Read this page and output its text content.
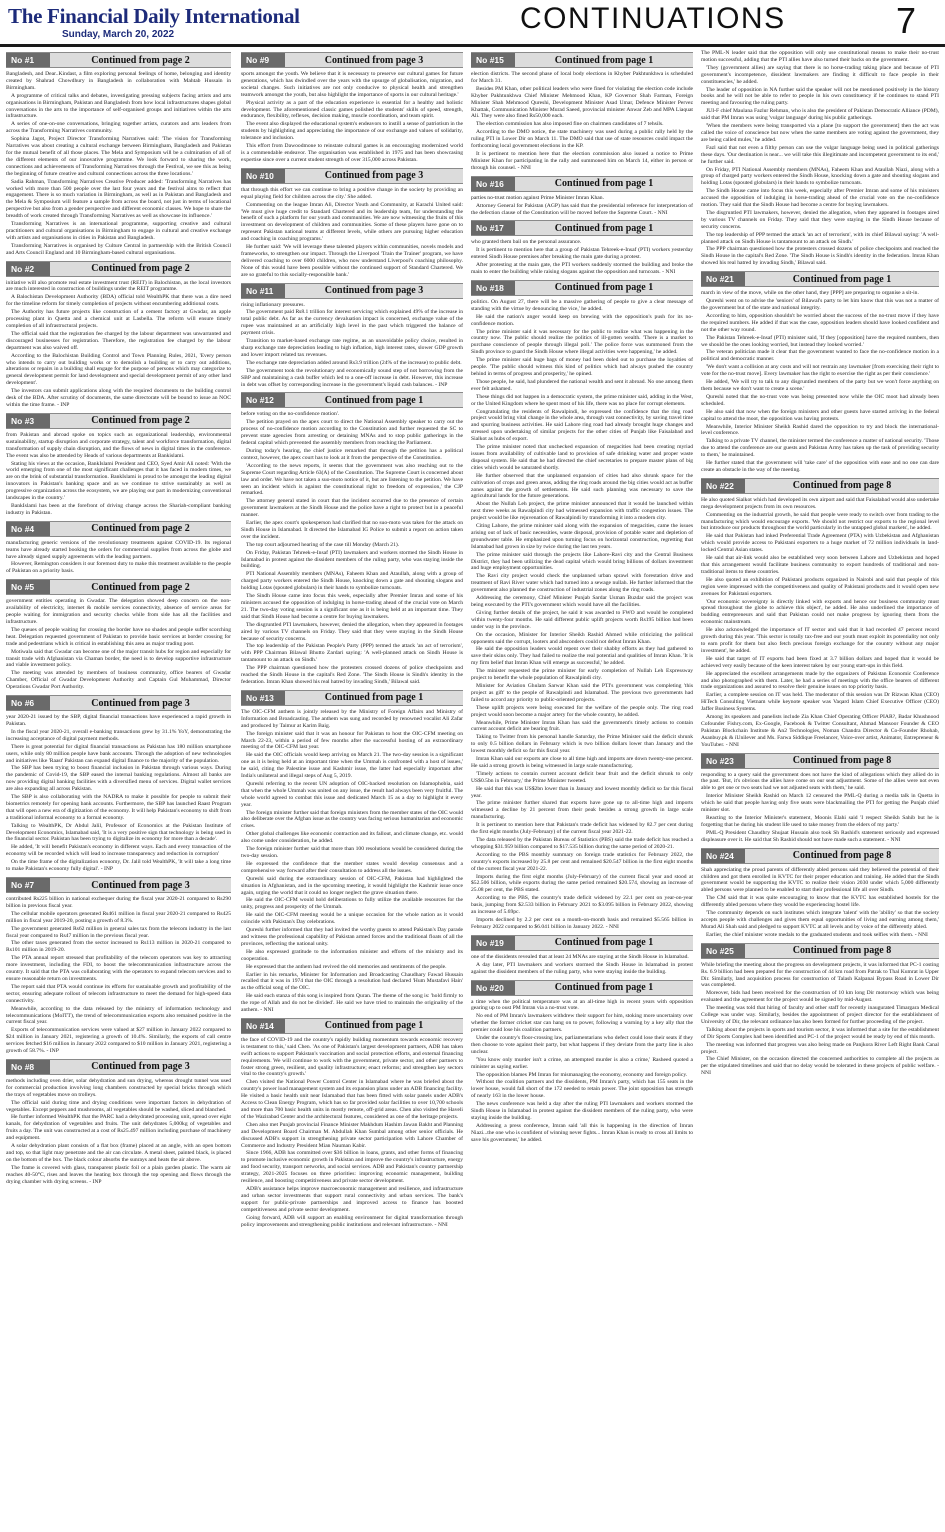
The Financial Daily International
Sunday, March 20, 2022	CONTINUATIONS	7
No #1	Continued from page 2

Bangladesh, and Dear..Kindast, a film exploring personal feelings of home, belonging and identity created by Shahrad Chowdhury in Bangladesh in collaboration with Mahtab Hussain in Birmingham.

A programme of critical talks and debates, investigating pressing subjects facing artists and arts organisations in Birmingham, Pakistan and Bangladesh from how local infrastructures shapes global conversations in the arts to the importance of self-organised groups and initiatives within the arts infrastructure.

A series of one-on-one conversations, bringing together artists, curators and arts leaders from across the Transforming Narratives community.

Sophina Jagot, Project Director Transforming Narratives said: 'The vision for Transforming Narratives was about creating a cultural exchange between Birmingham, Bangladesh and Pakistan for the mutual benefit of all those places. The Mela and Symposium will be a culmination of all of the different elements of our innovative programme. We look forward to sharing the work, connections and achievements of Transforming Narratives through the Festival, we see this as being the beginning of future creative and cultural connections across the three locations.'

Sadia Rahman, Transforming Narratives Creative Producer added: 'Transforming Narratives has worked with more than 500 people over the last four years and the festival aims to reflect that engagement. There is so much variation in Birmingham, as well as in Pakistan and Bangladesh and the Mela & Symposium will feature a sample from across the board, not just in terms of locational perspective but also from a gender perspective and different economic classes. We hope to share the breadth of work created through Transforming Narratives as well as showcase its influence.'

Transforming Narratives is an international programme, supporting creative and cultural practitioners and cultural organisations in Birmingham to engage in cultural and creative exchange with artists and organisations in cities in Pakistan and Bangladesh.

Transforming Narratives is organised by Culture Central in partnership with the British Council and Arts Council England and 10 Birmingham-based cultural organisations.

No #2	Continued from page 2

initiative will also promote real estate investment trust (REIT) in Balochistan, as the local investors are much interested in construction of buildings under the REIT programme.

A Balochistan Development Authority (BDA) official told WealthPK that there was a dire need for the timeline reform for timely completion of projects without encumbering additional costs.

The Authority has future projects like construction of a cement factory at Gwadar, an apple processing plant in Quetta and a chemical unit at Lasbella. The reform will ensure timely completion of all infrastructural projects.

The official said that the registration fee charged by the labour department was unwarranted and discouraged businesses for registration. Therefore, the registration fee charged by the labour department was also waived off.

According to the Balochistan Building Control and Town Planning Rules, 2021, 'Every person who intends to carry out building works or to demolish a building or to carry out additions, alterations or repairs in a building shall engage for the purpose of persons which may categorize to general development permit for land development and special development permit of any other land development'.

The investors can submit applications along with the required documents to the building control desk of the BDA. After scrutiny of documents, the same directorate will be bound to issue an NOC within the time frame. - INP

No #3	Continued from page 2

from Pakistan and abroad spoke on topics such as organizational leadership, environmental sustainability, startup disruption and corporate strategy, talent and workforce transformation, digital transformation of supply chain disruption, and the flows of news in digital times in the conference. The event was also be attended by Heads of various departments at Bankislami.

Stating his views at the occasion, BankIslami President and CEO, Syed Amir Ali noted: 'With the world emerging from one of the most significant challenges that it has faced in modern times, we are on the brink of substantial transformation. BankIslami is proud to be amongst the leading digital innovators in Pakistan's banking space and as we continue to strive sustainably as well as progressive organization across the ecosystem, we are playing our part in modernizing conventional landscapes in the country.'

BankIslami has been at the forefront of driving change across the Shariah-compliant banking industry in Pakistan.

No #4	Continued from page 2

manufacturing generic versions of the revolutionary treatments against COVID-19. Its regional teams have already started booking the orders for commercial supplies from across the globe and have already signed supply agreements with the leading partners.

However, Remington considers it our foremost duty to make this treatment available to the people of Pakistan on a priority basis.

No #5	Continued from page 2

government entities operating in Gwadar. The delegation showed deep concern on the non-availability of electricity, internet & mobile services connectivity, absence of service areas for people waiting for immigration and security checks while from side has all the facilities and infrastructure.

The queues of people waiting for crossing the border have no shades and people suffer scorching heat. Delegation requested government of Pakistan to provide basic services at border crossing for trade and pedestrians which is critical in establishing this area as major trading post.

Motiwala said that Gwadar can become one of the major transit hubs for region and especially for transit trade with Afghanistan via Chaman border, the need is to develop supportive infrastructure and viable investment policy.

The meeting was attended by members of business community, office bearers of Gwadar Chamber, Official of Gwadar Development Authority and Captain Gul Muhammad, Director Operations Gwadar Port Authority.

No #6	Continued from page 3

year 2020-21 issued by the SBP, digital financial transactions have experienced a rapid growth in Pakistan.

In the fiscal year 2020-21, overall e-banking transactions grew by 31.1% YoY, demonstrating the increasing acceptance of digital payment methods.

There is great potential for digital financial transactions as Pakistan has 180 million smartphone users, while only 80 million people have bank accounts. Through the adoption of new technologies and initiatives like 'Raast' Pakistan can expand digital finance to the majority of the population.

The SBP has been trying to boost financial inclusion in Pakistan through various ways. During the pandemic of Covid-19, the SBP eased the internal banking regulations. Almost all banks are now providing digital banking facilities with a diversified menu of services. Digital wallet services are also expanding all across Pakistan.

The SBP is also collaborating with the NADRA to make it possible for people to submit their biometrics remotely for opening bank accounts. Furthermore, the SBP has launched Raast Program that will open a new era of digitization of the economy. It will help Pakistan's economy to shift from a traditional informal economy to a formal economy.

Talking to WealthPK, Dr Abdul Jalil, Professor of Economics at the Pakistan Institute of Development Economics, Islamabad said, 'It is a very positive sign that technology is being used in the financial sector. Pakistan has been trying to digitalize its economy for more than a decade'.

He added, 'It will benefit Pakistan's economy in different ways. Each and every transaction of the economy will be recorded which will lead to increase transparency and reduction in corruption'

On the time frame of the digitalization economy, Dr. Jalil told WealthPK, 'It will take a long time to make Pakistan's economy fully digital'. - INP

No #7	Continued from page 3

contributed Rs225 billion in national exchequer during the fiscal year 2020-21 compared to Rs290 billion in previous fiscal year.

The cellular mobile operators generated Rs461 million in fiscal year 2020-21 compared to Rs425 million in fiscal year 2019-20, posting a growth of 8.3%.

The government generated Rs62 million in general sales tax from the telecom industry in the last fiscal year compared to Rs47 million in the previous fiscal year.

The other taxes generated from the sector increased to Rs113 million in 2020-21 compared to Rs101 million in 2019-20.

The PTA annual report stressed that profitability of the telecom operators was key to attracting more investment, including the FDI, to boost the telecommunication infrastructure across the country. It said that the PTA was collaborating with the operators to expand telecom services and to ensure reasonable return on investments.

The report said that PTA would continue its efforts for sustainable growth and profitability of the sector, ensuring adequate rollout of telecom infrastructure to meet the demand for high-speed data connectivity.

Meanwhile, according to the data released by the ministry of information technology and telecommunications (MoITT), the trend of telecommunication exports also remained positive in the current fiscal year.

Exports of telecommunication services were valued at $27 million in January 2022 compared to $24 million in January 2021, registering a growth of 10.4%. Similarly, the exports of call centre services fetched $16 million in January 2022 compared to $10 million in January 2021, registering a growth of 58.7%. - INP

No #8	Continued from page 3

methods including oven drier, solar dehydration and sun drying, whereas drought tunnel was used for commercial production involving long chambers constructed by special bricks through which the trays of vegetables move on trolleys.

The official said during time and drying conditions were important factors in dehydration of vegetables. Except peppers and mushrooms, all vegetables should be washed, sliced and blanched.

He further informed WealthPK that the PARC had a dehydrated processing unit, spread over eight kanals, for dehydration of vegetables and fruits. The unit dehydrates 5,000kg of vegetables and fruits a day. The unit was constructed at a cost of Rs25.497 million including purchase of machinery and equipment.

A solar dehydration plant consists of a flat box (frame) placed at an angle, with an open bottom and top, so that light may penetrate and the air can circulate. A metal sheet, painted black, is placed on the bottom of the box. The black colour absorbs the sunrays and heats the air above.

The frame is covered with glass, transparent plastic foil or a plain garden plastic. The warm air reaches 40-50°C, rises and leaves the heating box through the top opening and flows through the drying chamber with drying screens. - INP

No #9	Continued from page 3

sports amongst the youth. We believe that it is necessary to preserve our cultural games for future generations, which has dwindled over the years with the upsurge of globalisation, migration, and societal changes. Such initiatives are not only conducive to physical health and strengthen teamwork amongst the youth, but also highlight the importance of sports in our cultural heritage.'

Physical activity as a part of the education experience is essential for a healthy and holistic development. The aforementioned classic games polished the students' skills of speed, strength, endurance, flexibility, reflexes, decision making, muscle coordination, and team spirit.

The event also displayed the educational system's endeavors to instill a sense of patriotism in the students by highlighting and appreciating the importance of our exchange and values of solidarity, tolerance and inclusion.

This effort from Dawoodmone to reinstate cultural games is an encouraging modernized world is a commendable endeavor. The organisation was established in 1975 and has been showcasing expertise since over a current student strength of over 315,000 across Pakistan.

No #10	Continued from page 3

that through this effort we can continue to bring a positive change in the society by providing an equal playing field for children across the city.' She added.

Commenting on the league Imran Ali, Director Youth and Community, at Karachi United said: 'We must give huge credit to Standard Chartered and its leadership team, for understanding the benefit of such a platform for our youth and communities. We are now witnessing the fruits of this investment on development of children and communities. Some of these players have gone on to represent Pakistan national teams at different levels, while others are pursuing higher education and coaching in coaching programs.'

He further said: 'We will leverage these talented players within communities, novels models and frameworks, to strengthen our impact. Through the Liverpool 'Train the Trainer' program, we have delivered coaching to over 6000 children, who now understand Liverpool's coaching philosophy. None of this would have been possible without the continued support of Standard Chartered. We are so grateful to this socially-responsible bank.'

No #11	Continued from page 3

rising inflationary pressures.

The government paid Rs8.1 trillion for interest servicing which explained 49% of the increase in total public debt. As far as the currency devaluation impact is concerned, exchange value of the rupee was maintained at an artificially high level in the past which triggered the balance of payment crisis.

Transition to market-based exchange rate regime, as an unavoidable policy choice, resulted in sharp exchange rate depreciation leading to high inflation, high interest rates, slower GDP growth and lower import related tax revenues.

The exchange rate depreciation added around Rs3.9 trillion (24% of the increase) to public debt.

The government took the revolutionary and economically sound step of not borrowing from the SBP and maintaining a cash buffer which led to a one-off increase in debt. However, this increase in debt was offset by corresponding increase in the government's liquid cash balances. - INP

No #12	Continued from page 1

before voting on the no-confidence motion'.

The petition prayed on the apex court to direct the National Assembly speaker to carry out the process of no-confidence motion according to the Constitution and further requested the SC to prevent state agencies from arresting or detaining MNAs and to stop public gatherings in the federal capital which prevented the assembly members from reaching the Parliament.

During today's hearing, the chief justice remarked that through the petition has a political context, however, the apex court has to look at it from the perspective of the Constitution.

'According to the news reports, it seems that the government was also reaching out to the Supreme Court regarding Article 63(A) of the Constitution. The Supreme Court is concerned about law and order. We have not taken a suo-moto notice of it, but are listening to the petition. We have seen an incident which is against the constitutional right to freedom of expression,' the CJP remarked.

The attorney general stated in court that the incident occurred due to the presence of certain government lawmakers at the Sindh House and the police have a right to protect but in a peaceful manner.

Earlier, the apex court's spokesperson had clarified that no suo-moto was taken for the attack on Sindh House in Islamabad. It directed the Islamabad IG Police to submit a report on action taken over the incident.

The top court adjourned hearing of the case till Monday (March 21).

On Friday, Pakistan Tehreek-e-Insaf (PTI) lawmakers and workers stormed the Sindh House in Islamabad in protest against the dissident members of the ruling party, who was staying inside the building.

PTI National Assembly members (MNAs), Faheem Khan and Ataullah, along with a group of charged party workers entered the Sindh House, knocking down a gate and shouting slogans and holding Lotas (spouted globulars) in their hands to symbolize turncoats.

The Sindh House came into focus this week, especially after Premier Imran and some of his ministers accused the opposition of indulging in horse-trading ahead of the crucial vote on March 21. The two-day voting session is a significant one as it is being held at an important time. They said that Sindh House had become a centre for buying lawmakers.

The disgruntled PTI lawmakers, however, denied the allegation, when they appeared in footages aired by various TV channels on Friday. They said that they were staying in the Sindh House because of security concerns.

The top leadership of the Pakistan People's Party (PPP) termed the attack 'an act of terrorism', with PPP Chairman Bilawal Bhutto Zardari saying: 'A well-planned attack on Sindh House is tantamount to an attack on Sindh.'

The PPP chairman questioned how the protesters crossed dozens of police checkpoints and reached the Sindh House in the capital's Red Zone. 'The Sindh House is Sindh's identity in the federation. Imran Khan showed his real hatred by invading Sindh,' Bilawal said.

No #13	Continued from page 1

The OIC-CFM anthem is jointly released by the Ministry of Foreign Affairs and Ministry of Information and Broadcasting. The anthem was sung and recorded by renowned vocalist Ali Zafar and produced by Taimur at Karim Baig.

The foreign minister said that it was an honour for Pakistan to host the OIC-CFM meeting on March 22-23, within a period of few months after the successful hosting of an extraordinary meeting of the OIC-CFM last year.

He said the OIC officials would keep arriving on March 21. The two-day session is a significant one as it is being held at an important time when the Ummah is confronted with a host of issues,' he said, citing the Palestine issue and Kashmir issue, the latter had especially important after India's unilateral and illegal steps of Aug 5, 2019.

Qureshi referring to the recent UN adoption of OIC-backed resolution on Islamophobia, said that when the whole Ummah was united on any issue, the result had always been very fruitful. The whole world agreed to combat this issue and dedicated March 15 as a day to highlight it every year.

The foreign minister further said that foreign ministers from the member states of the OIC would also deliberate over the Afghan issue as the country was facing serious humanitarian and economic crises.

Other global challenges like economic contraction and its fallout, and climate change, etc. would also come under consideration, he added.

The foreign minister further said that more than 100 resolutions would be considered during the two-day session.

He expressed the confidence that the member states would develop consensus and a comprehensive way forward after their consultation to address all the issues.

Qureshi said during the extraordinary session of OIC-CFM, Pakistan had highlighted the situation in Afghanistan, and in the upcoming meeting, it would highlight the Kashmir issue once again, urging the world that it could no longer neglect the grave situation there.

He said the OIC-CFM would hold deliberations to fully utilize the available resources for the unity, progress and prosperity of the Ummah.

He said the OIC-CFM meeting would be a unique occasion for the whole nation as it would coincide with Pakistan's Day celebrations.

Qureshi further informed that they had invited the worthy guests to attend Pakistan's Day parade and witness the professional capability of Pakistan armed forces and the traditional floats of all the provinces, reflecting the national unity.

He also expressed gratitude to the information minister and efforts of the ministry and its cooperation.

He expressed that the anthem had revived the old memories and sentiments of the people.

Earlier in his remarks, Minister for Information and Broadcasting Chaudhary Fawad Hussain recalled that it was in 1974 that the OIC through a resolution had declared 'Hum Mustafavi Hain' as the official song of the OIC.

He said each stanza of this song is inspired from Quran. The theme of the song is: 'hold firmly to the rope of Allah and do not be divided'. He said we have tried to maintain the originality of the anthem. - NNI

No #14	Continued from page 1

the face of COVID-19 and the country's rapidly building momentum towards economic recovery is testament to this,' said Chen. 'As one of Pakistan's largest development partners, ADB has taken swift actions to support Pakistan's vaccination and social protection efforts, and external financing requirements. We will continue to work with the government, private sector, and other partners to foster strong green, resilient, and quality infrastructure; enact reforms; and strengthen key sectors vital to the country's growth.'

Chen visited the National Power Control Center in Islamabad where he was briefed about the country's power load management system and its expansion plans under an ADB financing facility. He visited a basic health unit near Islamabad that has been fitted with solar panels under ADB's Access to Clean Energy Program, which has so far provided solar facilities to over 10,700 schools and more than 700 basic health units in mostly remote, off-grid areas. Chen also visited the Haveli of the Wazirabad Center and the architectural features, considered as one of the heritage projects.

Chen also met Punjab provincial Finance Minister Makhdum Hashim Jawan Bakht and Planning and Development Board Chairman M. Abdullah Khan Sumbal among other senior officials. He discussed ADB's support in strengthening private sector participation with Lahore Chamber of Commerce and Industry President Mian Nauman Kabir.

Since 1966, ADB has committed over $36 billion in loans, grants, and other forms of financing to promote inclusive economic growth in Pakistan and improve the country's infrastructure, energy and food security, transport networks, and social services. ADB and Pakistan's country partnership strategy, 2021-2025 focuses on three priorities: improving economic management, building resilience, and boosting competitiveness and private sector development.

ADB's assistance helps improve macroeconomic management and resilience, and infrastructure and urban sector investments that support rural connectivity and urban services. The bank's support for public-private partnerships and improved access to finance has boosted competitiveness and private sector development.

Going forward, ADB will support an enabling environment for digital transformation through policy improvements and strengthening public institutions and relevant infrastructure. - NNI

No #15	Continued from page 1

election districts. The second phase of local body elections in Khyber Pakhtunkhwa is scheduled for March 31.

Besides PM Khan, other political leaders who were fined for violating the election code include Khyber Pakhtunkhwa Chief Minister Mehmood Khan, KP Governor Shah Farman, Foreign Minister Shah Mehmood Qureshi, Development Minister Asad Umar, Defence Minister Pervez Khattak, Communication Minister Murad Saeed, provincial minister Anwar Zeb and MPA Liaquat Ali. They were also fined Rs50,000 each.

The election commission has also imposed fine on chairmen candidates of 7 tehsils.

According to the DMO notice, the state machinery was used during a public rally held by the ruling PTI in Lower Dir on March 11. The DMO said that use of state resources could impact the forthcoming local government elections in the KP.

It is pertinent to mention here that the election commission also issued a notice to Prime Minister Khan for participating in the rally and summoned him on March 14, either in person or through his counsel. - NNI

No #16	Continued from page 1

parties no-trust motion against Prime Minister Imran Khan.

Attorney General for Pakistan (AGP) has said that the presidential reference for interpretation of the defection clause of the Constitution will be moved before the Supreme Court. - NNI

No #17	Continued from page 1

who granted them bail on the personal assurance.

It is pertinent to mention here that a group of Pakistan Tehreek-e-Insaf (PTI) workers yesterday entered Sindh House premises after breaking the main gate during a protest.

After protesting at the main gate, the PTI workers suddenly stormed the building and broke the main to enter the building while raising slogans against the opposition and turncoats. - NNI

No #18	Continued from page 1

politics. On August 27, there will be a massive gathering of people to give a clear message of standing with the virtue by denouncing the vice,' he added.

He said the nation's anger would keep on brewing with the opposition's push for its no-confidence motion.

The prime minister said it was necessary for the public to realize what was happening in the country now. The public should realize the politics of ill-gotten wealth. 'There is a market to purchase conscience of people through illegal poll.' The police force was summoned from the Sindh province to guard the Sindh House where illegal activities were happening,' he added.

The prime minister said huge bags of money had been doled out to purchase the loyalties of people. 'The public should witness this kind of politics which had always pushed the country behind in terms of progress and prosperity,' he opined.

Those people, he said, had plundered the national wealth and sent it abroad. No one among them ever felt ashamed.

These things did not happen in a democratic system, the prime minister said, adding in the West, or the United Kingdom where he spent most of his life, there was no place for corrupt elements.

Congratulating the residents of Rawalpindi, he expressed the confidence that the ring road project would bring vital change in the whole area, through vast connectivity, by saving travel time and spurring business activities. He said Lahore ring road had already brought huge changes and stressed upon undertaking of similar projects for the other cities of Punjab like Faisalabad and Sialkot as hubs of export.

The prime minister noted that unchecked expansion of megacities had been creating myriad issues from availability of cultivable land to provision of safe drinking water and proper waste disposal system. He said that he had directed the chief secretaries to prepare master plans of big cities which would be saturated shortly.

He further observed that the unplanned expansion of cities had also shrunk space for the cultivation of crops and green areas, adding the ring roads around the big cities would act as buffer zones against the growth of settlements. He said such planning was necessary to save the agricultural lands for the future generations.

About the Nullah Leh project, the prime minister announced that it would be launched within next three weeks as Rawalpindi city had witnessed expansion with traffic congestion issues. The project would be like rejuvenation of Rawalpindi by transforming it into a modern city.

Citing Lahore, the prime minister said along with the expansion of megacities, came the issues arising out of lack of basic necessities, waste disposal, provision of potable water and depletion of groundwater table. He emphasized upon turning focus on horizontal construction, regretting that Islamabad had grown in size by twice during the last ten years.

The prime minister said through the projects like Lahore-Ravi city and the Central Business District, they had been utilizing the dead capital which would bring billions of dollars investment and huge employment opportunities.

The Ravi city project would check the unplanned urban sprawl with forestation drive and treatment of Ravi River water which had turned into a sewage nullah. He further informed that the government also planned the construction of industrial zones along the ring roads.

Addressing the ceremony, Chief Minister Punjab Sardar Usman Buzdar said the project was being executed by the PTI's government which would have all the facilities.

Giving further details of the project, he said it was awarded to FWO and would be completed within twenty-four months. He said different public uplift projects worth Rs195 billion had been under way in the province.

On the occasion, Minister for Interior Sheikh Rashid Ahmed while criticizing the political opponents said the corrupt, looters and absconders could not defeat Imran Khan.

He said the opposition leaders would repent over their shabby efforts as they had gathered to save their skins only. They had failed to realize the real potential and qualities of Imran Khan. 'It is my firm belief that Imran Khan will emerge as successful,' he added.

The minister requested the prime minister for early completion of Nullah Leh Expressway project to benefit the whole population of Rawalpindi city.

Minister for Aviation Ghulam Sarwar Khan said the PTI's government was completing 'this project as gift' to the people of Rawalpindi and Islamabad. The previous two governments had failed to accord any priority to public-oriented projects.

These uplift projects were being executed for the welfare of the people only. The ring road project would soon become a major artery for the whole country, he added.

Meanwhile, Prime Minister Imran Khan has said the government's timely actions to contain current account deficit are bearing fruit.

Taking to Twitter from his personal handle Saturday, the Prime Minister said the deficit shrunk to only 0.5 billion dollars in February which is two billion dollars lower than January and the lowest monthly deficit so far this fiscal year.

Imran Khan said our exports are close to all time high and imports are down twenty-one percent. He said a strong growth is being witnessed in large scale manufacturing.

'Timely actions to contain current account deficit bear fruit and the deficit shrunk to only US$0.5bn in February,' the Prime Minister tweeted.

He said that this was US$2bn lower than in January and lowest monthly deficit so far this fiscal year.

The prime minister further shared that exports have gone up to all-time high and imports witnessed a decline by 21 percent from their peak besides a strong growth in large scale manufacturing.

It is pertinent to mention here that Pakistan's trade deficit has widened by 82.7 per cent during the first eight months (July-February) of the current fiscal year 2021-22.

The data released by the Pakistan Bureau of Statistics (PBS) said the trade deficit has reached a whopping $31.959 billion compared to $17.535 billion during the same period of 2020-21.

According to the PBS monthly summary on foreign trade statistics for February 2022, the country's exports increased by 25.8 per cent and remained $20.547 billion in the first eight months of the current fiscal year 2021-22.

Imports during the first eight months (July-February) of the current fiscal year and stood at $52.506 billion, while exports during the same period remained $20.574, showing an increase of 25.08 per cent, the PBS stated.

According to the PBS, the country's trade deficit widened by 22.1 per cent on year-on-year basis, jumping from $2.533 billion in February 2021 to $3.095 billion in February 2022, showing an increase of 5.69pc.

Imports declined by 2.2 per cent on a month-on-month basis and remained $5.565 billion in February 2022 compared to $6.041 billion in January 2022. - NNI

No #19	Continued from page 1

one of the dissidents revealed that at least 24 MNAs are staying at the Sindh House in Islamabad.

A day later, PTI lawmakers and workers stormed the Sindh House in Islamabad in protest against the dissident members of the ruling party, who were staying inside the building.

No #20	Continued from page 1

a time when the political temperature was at an all-time high in recent years with opposition gearing up to oust PM Imran via a no-trust vote.

No end of PM Imran's lawmakers withdrew their support for him, stoking more uncertainty over whether the former cricket star can hang on to power, following a warning by a key ally that the premier could lose his coalition partners.

Under the country's floor-crossing law, parliamentarians who defect could lose their seats if they then choose to vote against their party, but what happens if they deviate from the party line is also unclear.

'You know only murder isn't a crime, an attempted murder is also a crime,' Rasheed quoted a minister as saying earlier.

The opposition blames PM Imran for mismanaging the economy, economy and foreign policy.

Without the coalition partners and the dissidents, PM Imran's party, which has 155 seats in the lower house, would fall short of the 172 needed to retain power. The joint opposition has strength of nearly 163 in the lower house.

The news conference was held a day after the ruling PTI lawmakers and workers stormed the Sindh House in Islamabad in protest against the dissident members of the ruling party, who were staying inside the building.

Addressing a press conference, Imran said 'all this is happening in the direction of Imran Niazi...the one who is confident of winning never fights... Imran Khan is ready to cross all limits to save his government,' he added.

The PML-N leader said that the opposition will only use constitutional means to make their no-trust motion successful, adding that the PTI allies have also turned their backs on the government.

'They (government allies) are saying that there is no horse-trading taking place and because of PTI government's incompetence, dissident lawmakers are finding it difficult to face people in their constituencies,' he added.

The leader of opposition in NA further said the speaker will not be mentioned positively in the history books and he will not be able to refer to people in his own constituency if he continues to stand PTI meeting and favouring the ruling party.

JUI-F chief Maulana Fazlur Rehman, who is also the president of Pakistan Democratic Alliance (PDM), said that PM Imran was using 'vulgar language' during his public gatherings.

'When the members were being transported via a plane [to support the government] then the act was called the voice of conscience but now when the same members are voting against the government, they are being called mules,' he added.

Fazl said that not even a filthy person can use the vulgar language being used in political gatherings these days. 'Our destination is near... we will take this illegitimate and incompetent government to its end,' he further said.

On Friday, PTI National Assembly members (MNAs), Faheem Khan and Ataullah Niazi, along with a group of charged party workers entered the Sindh House, knocking down a gate and shouting slogans and holding Lotas (spouted globulars) in their hands to symbolize turncoats.

The Sindh House came into focus this week, especially after Premier Imran and some of his ministers accused the opposition of indulging in horse-trading ahead of the crucial vote on the no-confidence motion. They said that the Sindh House had become a centre for buying lawmakers.

The disgruntled PTI lawmakers, however, denied the allegation, when they appeared in footages aired by various TV channels on Friday. They said that they were staying in the Sindh House because of security concerns.

The top leadership of PPP termed the attack 'an act of terrorism', with its chief Bilawal saying: 'A well-planned attack on Sindh House is tantamount to an attack on Sindh.'

The PPP chairman questioned how the protesters crossed dozens of police checkpoints and reached the Sindh House in the capital's Red Zone. 'The Sindh House is Sindh's identity in the federation. Imran Khan showed his real hatred by invading Sindh,' Bilawal said.

No #21	Continued from page 1

march in view of the move, while on the other hand, they [PPP] are preparing to organise a sit-in.

Qureshi went on to advise the 'seniors' of Bilawal's party to let him know that this was not a matter of the government but of the state and national integrity.

According to him, opposition shouldn't be worried about the success of the no-trust move if they have the required numbers. He added if that was the case, opposition leaders should have looked confident and not the other way round.

The Pakistan Tehreek-e-Insaf (PTI) minister said, 'If they [opposition] have the required numbers, then we should be the ones looking worried, but instead they looked worried.'

The veteran politician made it clear that the government wanted to face the no-confidence motion in a political and democratic manner.

'We don't want a collision at any costs and will not restrain any lawmaker [from exercising their right to vote for the no-trust move]. Every lawmaker has the right to exercise the right as per their conscience.'

He added, 'We will try to talk to any disgruntled members of the party but we won't force anything on them because we don't want to create a scene.'

Qureshi noted that the no-trust vote was being presented now while the OIC moot had already been scheduled.

He also said that now when the foreign ministers and other guests have started arriving in the federal capital to attend the moot, the opposition was having protests.

Meanwhile, Interior Minister Sheikh Rashid dared the opposition to try and block the international-level conference.

Talking to a private TV channel, the minister termed the conference a matter of national security. 'Those due to attend the conference are our guests and Pakistan Army has taken up the task of providing security to them,' he maintained.

He further stated that the government will 'take care' of the opposition with ease and no one can dare create an obstacle in the way of the meeting.

No #22	Continued from page 8

He also quoted Sialkot which had developed its own airport and said that Faisalabad would also undertake mega development projects from its own resources.

Commenting on the industrial growth, he said that people were ready to switch over from trading to the manufacturing which would encourage exports. 'We should not restrict our exports to the regional level but introduce our products throughout the world particularly in the untapped global markets', he added.

He said that Pakistan had inked Preferential Trade Agreement (PTA) with Uzbekistan and Afghanistan which would provide access to Pakistani exporters to a huge market of 72 million individuals in land-locked Central Asian states.

He said that air-link would also be established very soon between Lahore and Uzbekistan and hoped that this arrangement would facilitate business community to export hundreds of traditional and non-traditional items to these countries.

He also quoted an exhibition of Pakistani products organized in Nairobi and said that people of this region were impressed with the competitiveness and quality of Pakistani products and it would open new avenues for Pakistani exporters.

'Our economic sovereignty is directly linked with exports and hence our business community must spread throughout the globe to achieve this object', he added. He also underlined the importance of budding entrepreneurs and said that Pakistan could not make progress by ignoring them from the economic mainstream.

He also acknowledged the importance of IT sector and said that it had recorded 47 percent record growth during this year. 'This sector is totally tax-free and our youth must exploit its potentiality not only to earn profit for them but also fetch precious foreign exchange for the country without any major investment', he added.

He said that target of IT exports had been fixed at 3.7 billion dollars and hoped that it would be achieved very easily because of the keen interest taken by our young start-ups in this field.

He appreciated the excellent arrangements made by the organizers of Pakistan Economic Conference and also photographed with them. Later, he had a series of meetings with the office bearers of different trade organizations and assured to resolve their genuine issues on top priority basis.

Earlier, a complete session on IT was held. The moderator of this session was Dr Rizwan Khan (CEO) HiTech Consulting Vietnam while keynote speaker was Vaqard Islam Chief Executive Officer (CEO) Jaffer Business Systems.

Among its speakers and panelists include Zia Khan Chief Operating Officer PIAR?, Badar Khushnood Cofounder Fishry.com, Ex-Google, Facebook & Twitter Consultant, Ahmad Mansoor Founder & CEO Pakistan Blockchain Institute & An2 Technologies, Noman Chandra Director & Co-Founder Rhohab, Asanbuy.pk & iUnilever and Ms. Farwa Siddique Freelancer, Voice-over artist, Animator, Entrepreneur & YouTuber. - NNI

No #23	Continued from page 8

responding to a query said the government does not have the kind of allegations which they allied do in the past. 'But, it's obvious the allies have come on our seat adjustment. Some of the allies were not even able to get one or two seats had we not adjusted seats with them,' he said.

Interior Minister Sheikh Rashid on March 12 censured the PML-Q during a media talk in Quetta in which he said that people having only five seats were blackmailing the PTI for getting the Punjab chief minister slot.

Reacting to the Interior Minister's statement, Moonis Elahi said 'I respect Sheikh Sahib but he is forgetting that he during his student life used to take money from the elders of my party.'

PML-Q President Chaudhry Shujaat Hussain also took Sh Rashid's statement seriously and expressed displeasure over it. He said that Sh Rashid should not have made such a statement. - NNI

No #24	Continued from page 8

Shah appreciating the proud parents of differently abled persons said they believed the potential of their children and got them enrolled in KVTC for their proper education and training. He added that the Sindh government would be supporting the KVTC to realize their vision 2030 under which 5,000 differently abled persons were planned to be enabled to start their professional life all over Sindh.

The CM said that it was quite encouraging to know that the KVTC has established hostels for the differently abled persons where they would be experiencing hostel life.

'The community depends on such institutes which integrate 'talent' with the 'ability' so that the society accepts people with challenges and gives them equal opportunities of living and earning among them,' Murad Ali Shah said and pledged to support KVTC at all levels and by voice of the differently abled.

Earlier, the chief minister wrote medals to the graduated students and took selfies with them. - NNI

No #25	Continued from page 8

While briefing the meeting about the progress on development projects, it was informed that PC-1 costing Rs. 6.9 billion had been prepared for the construction of 44 km road from Patrak to Thal Kumrat in Upper Dir. Similarly, land acquisition process for construction of Talash Kalpanai Bypass Road in Lower Dir was completed.

Moreover, bids had been received for the construction of 10 km long Dir motorway which was being evaluated and the agreement for the project would be signed by mid-August.

The meeting was told that hiring of faculty and other staff for recently inaugurated Timargara Medical College was under way. Similarly, besides the appointment of project director for the establishment of University of Dir, the relevant ordinance has also been formed for further proceeding of the project.

Talking about the projects in sports and tourism sector, it was informed that a site for the establishment of Dir Sports Complex had been identified and PC-1 of the project would be ready by end of this month.

The meeting was informed that progress was also being made on Panjkora River Left Right Bank Canal project.

The Chief Minister, on the occasion directed the concerned authorities to complete all the projects as per the stipulated timelines and said that no delay would be tolerated in these projects of public welfare. - NNI
